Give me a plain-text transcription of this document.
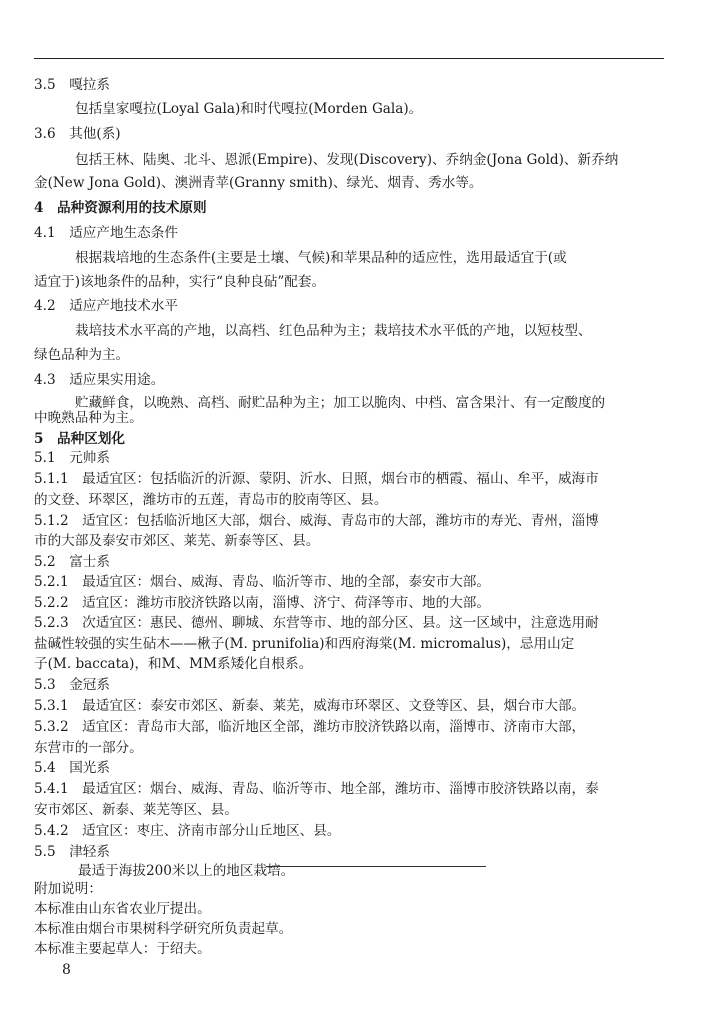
3.5　嘎拉系
包括皇家嘎拉(Loyal Gala)和时代嘎拉(Morden Gala)。
3.6　其他(系)
包括王林、陆奥、北斗、恩派(Empire)、发现(Discovery)、乔纳金(Jona Gold)、新乔纳
金(New Jona Gold)、澳洲青苹(Granny smith)、绿光、烟青、秀水等。
4　品种资源利用的技术原则
4.1　适应产地生态条件
根据栽培地的生态条件(主要是土壤、气候)和苹果品种的适应性，选用最适宜于(或
适宜于)该地条件的品种，实行“良种良砧”配套。
4.2　适应产地技术水平
栽培技术水平高的产地，以高档、红色品种为主；栽培技术水平低的产地，以短枝型、
绿色品种为主。
4.3　适应果实用途。
贮藏鲜食，以晚熟、高档、耐贮品种为主；加工以脆肉、中档、富含果汁、有一定酸度的
中晚熟品种为主。
5　品种区划化
5.1　元帅系
5.1.1　最适宜区：包括临沂的沂源、蒙阴、沂水、日照，烟台市的栖霞、福山、牟平，威海市
的文登、环翠区，潍坊市的五莲，青岛市的胶南等区、县。
5.1.2　适宜区：包括临沂地区大部，烟台、威海、青岛市的大部，潍坊市的寿光、青州，淄博
市的大部及泰安市郊区、莱芜、新泰等区、县。
5.2　富士系
5.2.1　最适宜区：烟台、威海、青岛、临沂等市、地的全部，泰安市大部。
5.2.2　适宜区：潍坊市胶济铁路以南，淄博、济宁、荷泽等市、地的大部。
5.2.3　次适宜区：惠民、德州、聊城、东营等市、地的部分区、县。这一区域中，注意选用耐
盐碱性较强的实生砧木——楸子(M. prunifolia)和西府海棠(M. micromalus)，忌用山定
子(M. baccata)，和M、MM系矮化自根系。
5.3　金冠系
5.3.1　最适宜区：泰安市郊区、新泰、莱芜，威海市环翠区、文登等区、县，烟台市大部。
5.3.2　适宜区：青岛市大部，临沂地区全部，潍坊市胶济铁路以南，淄博市、济南市大部，
东营市的一部分。
5.4　国光系
5.4.1　最适宜区：烟台、威海、青岛、临沂等市、地全部，潍坊市、淄博市胶济铁路以南，泰
安市郊区、新泰、莱芜等区、县。
5.4.2　适宜区：枣庄、济南市部分山丘地区、县。
5.5　津轻系
最适于海拔200米以上的地区栽培。
附加说明：
本标准由山东省农业厅提出。
本标准由烟台市果树科学研究所负责起草。
本标准主要起草人：于绍夫。
8
